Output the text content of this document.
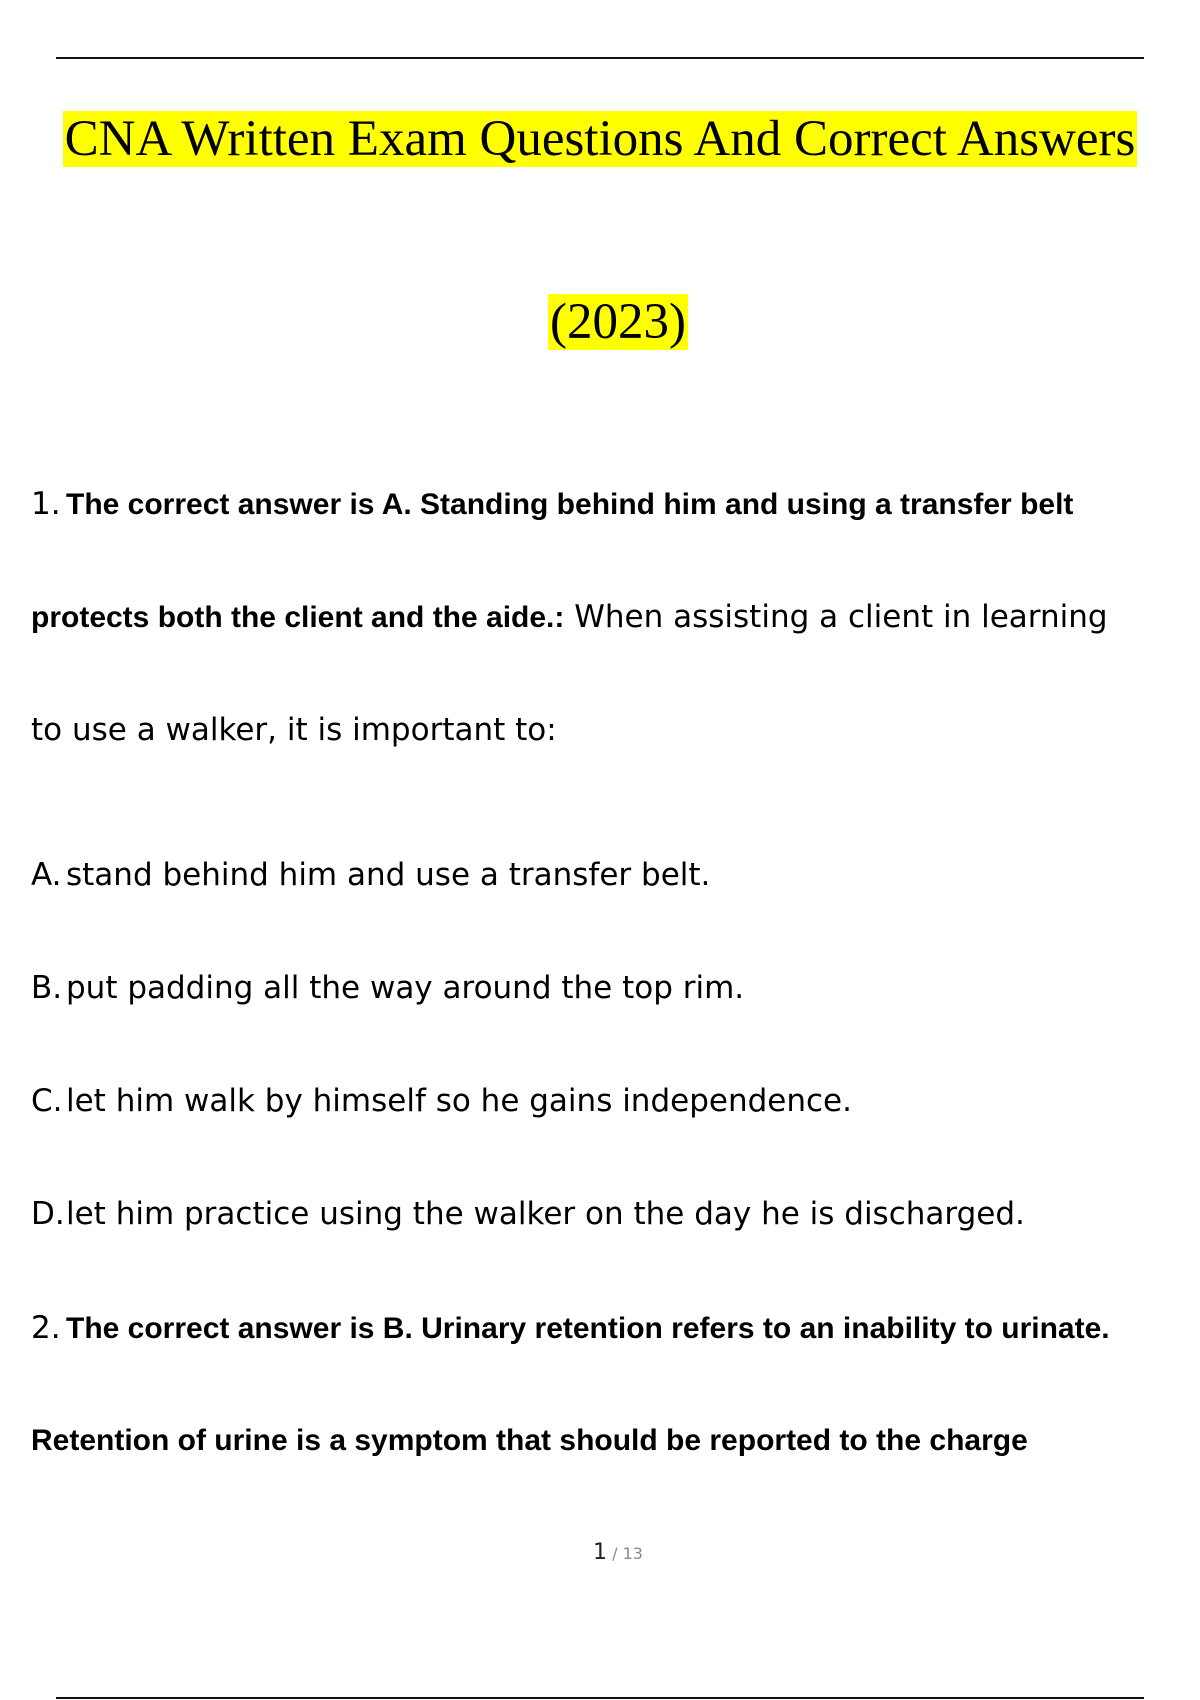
CNA Written Exam Questions And Correct Answers
(2023)
1. The correct answer is A. Standing behind him and using a transfer belt
protects both the client and the aide.: When assisting a client in learning
to use a walker, it is important to:
A. stand behind him and use a transfer belt.
B. put padding all the way around the top rim.
C. let him walk by himself so he gains independence.
D.let him practice using the walker on the day he is discharged.
2. The correct answer is B. Urinary retention refers to an inability to urinate.
Retention of urine is a symptom that should be reported to the charge
1 / 13
